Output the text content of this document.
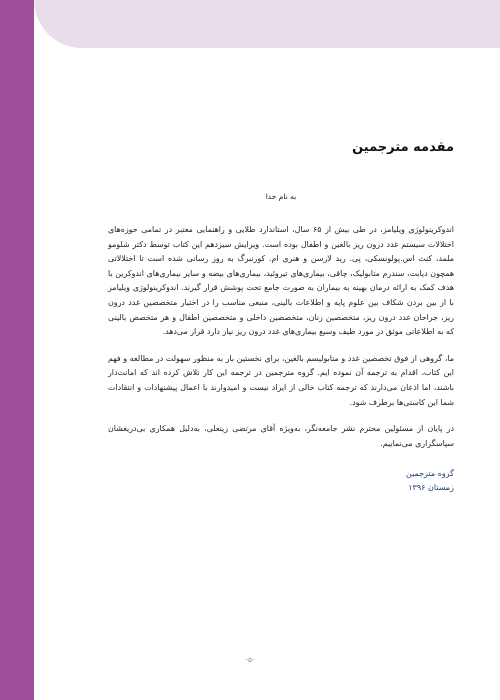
مقدمه مترجمین

به نام خدا

اندوکرینولوژی ویلیامز، در طی بیش از ۶۵ سال، استاندارد طلایی و راهنمایی معتبر در تمامی حوزه‌های اختلالات سیستم غدد درون ریز بالغین و اطفال بوده است. ویرایش سیزدهم این کتاب توسط دکتر شلومو ملمد، کنث اس.پولونسکی، پی. رید لارسن و هنری ام. کورنبرگ به روز رسانی شده است تا اختلالاتی همچون دیابت، سندرم متابولیک، چاقی، بیماری‌های تیروئید، بیماری‌های بیضه و سایر بیماری‌های اندوکرین با هدف کمک به ارائه درمان بهینه به بیماران به صورت جامع تحت پوشش قرار گیرند. اندوکرینولوژی ویلیامز با از بین بردن شکاف بین علوم پایه و اطلاعات بالینی، منبعی مناسب را در اختیار متخصصین غدد درون ریز، جراحان غدد درون ریز، متخصصین زنان، متخصصین داخلی و متخصصین اطفال و هر متخصص بالینی که به اطلاعاتی موثق در مورد طیف وسیع بیماری‌های غدد درون ریز نیاز دارد قرار می‌دهد.

ما، گروهی از فوق تخصصین غدد و متابولیسم بالغین، برای نخستین بار به منظور سهولت در مطالعه و فهم این کتاب، اقدام به ترجمه آن نموده ایم. گروه مترجمین در ترجمه این کار تلاش کرده اند که امانت‌دار باشند، اما اذعان می‌دارند که ترجمه کتاب خالی از ایراد نیست و امیدوارند با اعمال پیشنهادات و انتقادات شما این کاستی‌ها برطرف شود.

در پایان از مسئولین محترم نشر جامعه‌نگر، به‌ویژه آقای مرتضی زینعلی، به‌دلیل همکاری بی‌دریغشان سپاسگزاری می‌نماییم.

گروه مترجمین
زمستان ۱۳۹۶
-۵-
